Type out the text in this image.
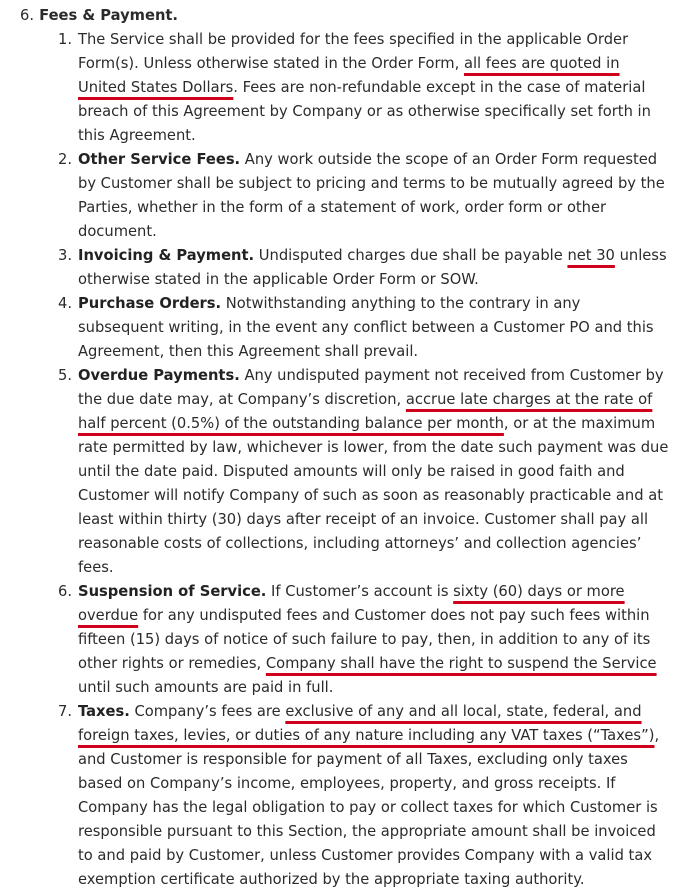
6. Fees & Payment.
1. The Service shall be provided for the fees specified in the applicable Order Form(s). Unless otherwise stated in the Order Form, all fees are quoted in United States Dollars. Fees are non-refundable except in the case of material breach of this Agreement by Company or as otherwise specifically set forth in this Agreement.
2. Other Service Fees. Any work outside the scope of an Order Form requested by Customer shall be subject to pricing and terms to be mutually agreed by the Parties, whether in the form of a statement of work, order form or other document.
3. Invoicing & Payment. Undisputed charges due shall be payable net 30 unless otherwise stated in the applicable Order Form or SOW.
4. Purchase Orders. Notwithstanding anything to the contrary in any subsequent writing, in the event any conflict between a Customer PO and this Agreement, then this Agreement shall prevail.
5. Overdue Payments. Any undisputed payment not received from Customer by the due date may, at Company’s discretion, accrue late charges at the rate of half percent (0.5%) of the outstanding balance per month, or at the maximum rate permitted by law, whichever is lower, from the date such payment was due until the date paid. Disputed amounts will only be raised in good faith and Customer will notify Company of such as soon as reasonably practicable and at least within thirty (30) days after receipt of an invoice. Customer shall pay all reasonable costs of collections, including attorneys’ and collection agencies’ fees.
6. Suspension of Service. If Customer’s account is sixty (60) days or more overdue for any undisputed fees and Customer does not pay such fees within fifteen (15) days of notice of such failure to pay, then, in addition to any of its other rights or remedies, Company shall have the right to suspend the Service until such amounts are paid in full.
7. Taxes. Company’s fees are exclusive of any and all local, state, federal, and foreign taxes, levies, or duties of any nature including any VAT taxes (“Taxes”), and Customer is responsible for payment of all Taxes, excluding only taxes based on Company’s income, employees, property, and gross receipts. If Company has the legal obligation to pay or collect taxes for which Customer is responsible pursuant to this Section, the appropriate amount shall be invoiced to and paid by Customer, unless Customer provides Company with a valid tax exemption certificate authorized by the appropriate taxing authority.
